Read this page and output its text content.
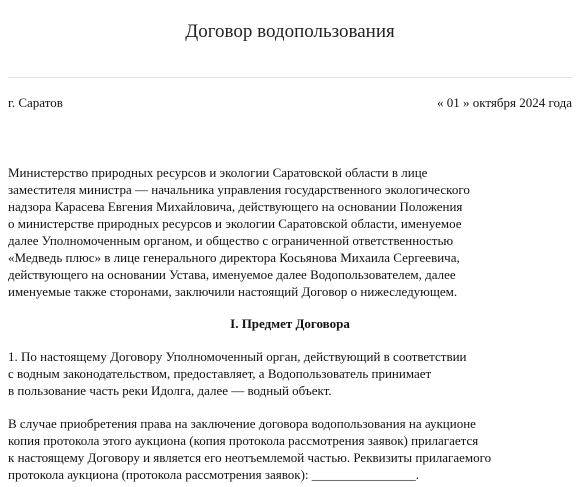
Договор водопользования
г. Саратов	« 01 » октября 2024 года

Министерство природных ресурсов и экологии Саратовской области в лице
заместителя министра — начальника управления государственного экологического
надзора Карасева Евгения Михайловича, действующего на основании Положения
о министерстве природных ресурсов и экологии Саратовской области, именуемое
далее Уполномоченным органом, и общество с ограниченной ответственностью
«Медведь плюс» в лице генерального директора Косьянова Михаила Сергеевича,
действующего на основании Устава, именуемое далее Водопользователем, далее
именуемые также сторонами, заключили настоящий Договор о нижеследующем.

I. Предмет Договора

1. По настоящему Договору Уполномоченный орган, действующий в соответствии
с водным законодательством, предоставляет, а Водопользователь принимает
в пользование часть реки Идолга, далее — водный объект.

В случае приобретения права на заключение договора водопользования на аукционе
копия протокола этого аукциона (копия протокола рассмотрения заявок) прилагается
к настоящему Договору и является его неотъемлемой частью. Реквизиты прилагаемого
протокола аукциона (протокола рассмотрения заявок): ________________.
